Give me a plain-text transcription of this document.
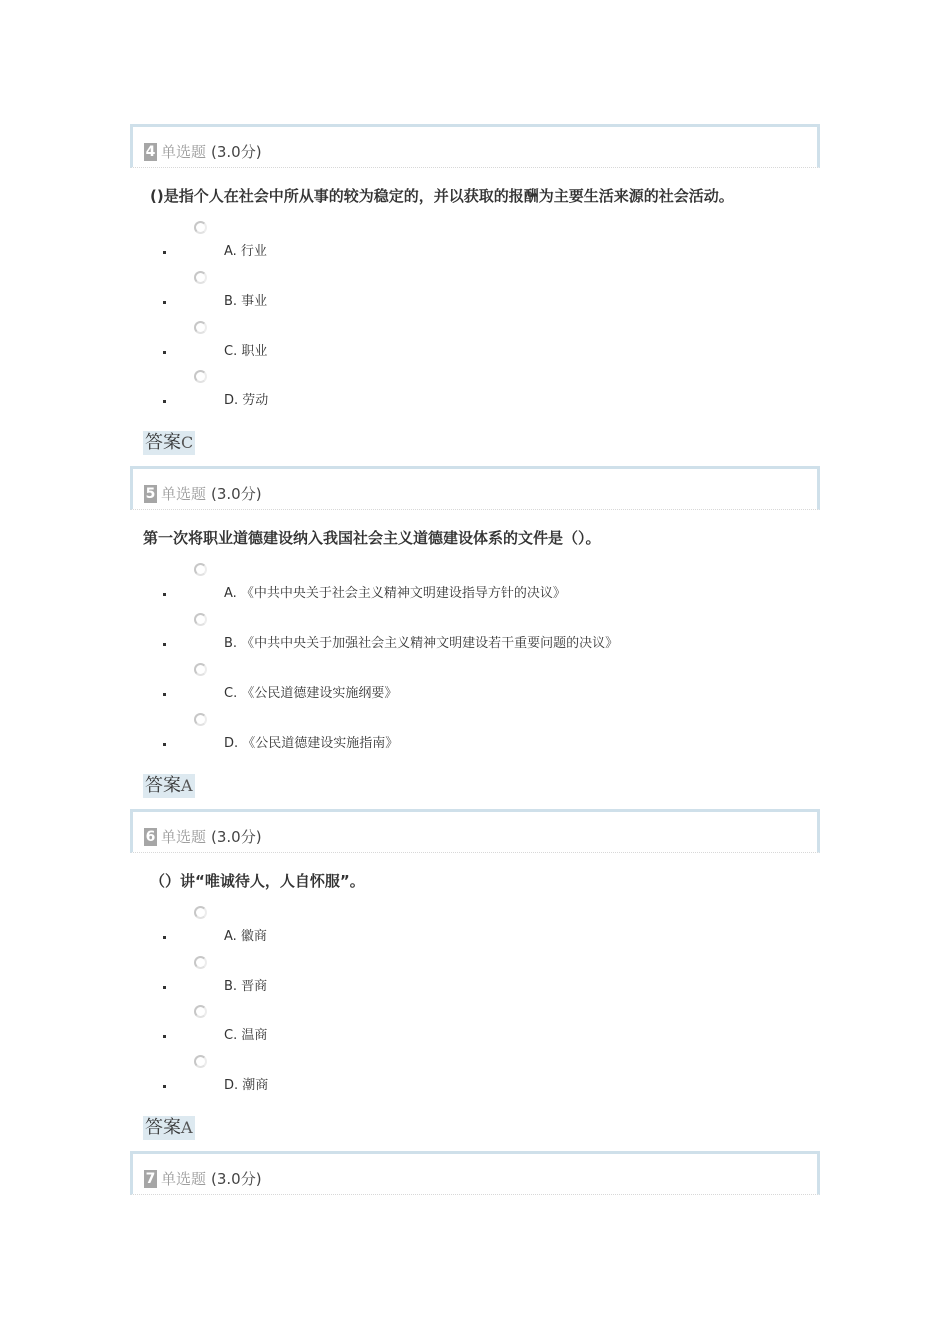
4 单选题 (3.0分)
()是指个人在社会中所从事的较为稳定的，并以获取的报酬为主要生活来源的社会活动。
A. 行业
B. 事业
C. 职业
D. 劳动
答案C
5 单选题 (3.0分)
第一次将职业道德建设纳入我国社会主义道德建设体系的文件是（）。
A. 《中共中央关于社会主义精神文明建设指导方针的决议》
B. 《中共中央关于加强社会主义精神文明建设若干重要问题的决议》
C. 《公民道德建设实施纲要》
D. 《公民道德建设实施指南》
答案A
6 单选题 (3.0分)
（）讲“唯诚待人，人自怀服”。
A. 徽商
B. 晋商
C. 温商
D. 潮商
答案A
7 单选题 (3.0分)
